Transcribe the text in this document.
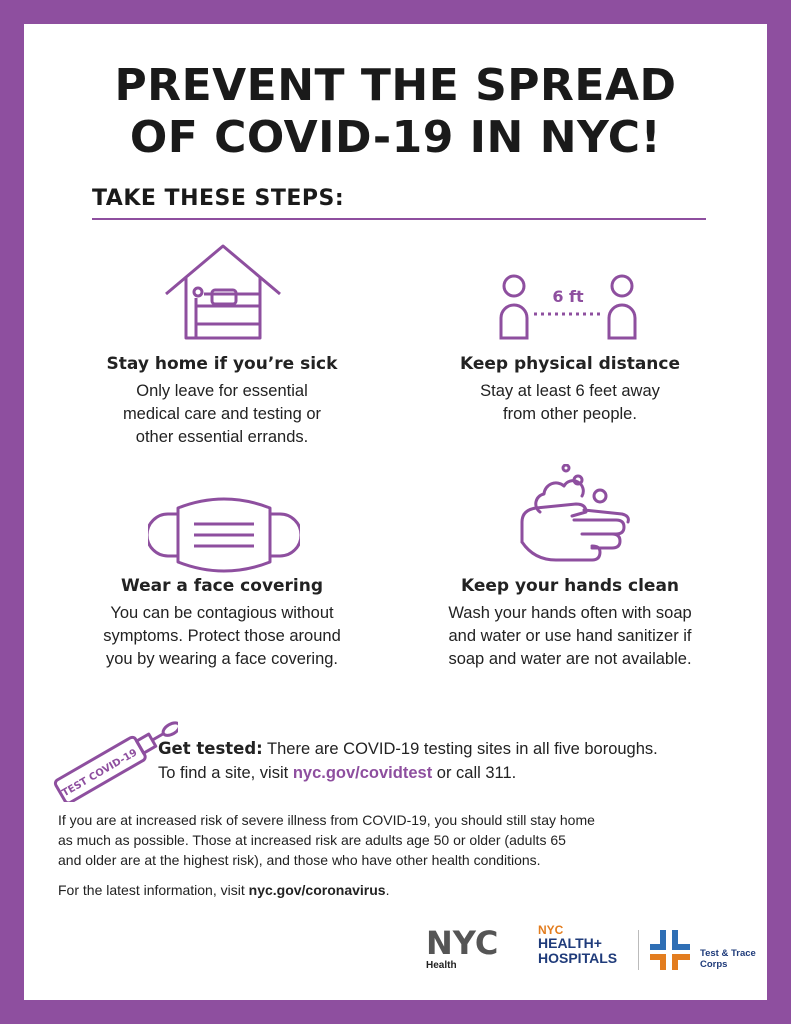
PREVENT THE SPREAD
OF COVID-19 IN NYC!
TAKE THESE STEPS:
6 ft
Stay home if you’re sick

Only leave for essential
medical care and testing or
other essential errands.

Keep physical distance

Stay at least 6 feet away
from other people.

Wear a face covering

You can be contagious without
symptoms. Protect those around
you by wearing a face covering.

Keep your hands clean

Wash your hands often with soap
and water or use hand sanitizer if
soap and water are not available.

TEST COVID-19 Get tested: There are COVID-19 testing sites in all five boroughs.
To find a site, visit nyc.gov/covidtest or call 311.
If you are at increased risk of severe illness from COVID-19, you should still stay home
as much as possible. Those at increased risk are adults age 50 or older (adults 65
and older are at the highest risk), and those who have other health conditions.
For the latest information, visit nyc.gov/coronavirus.
NYC
Health
NYC
HEALTH+
HOSPITALS	Test & Trace
Corps
